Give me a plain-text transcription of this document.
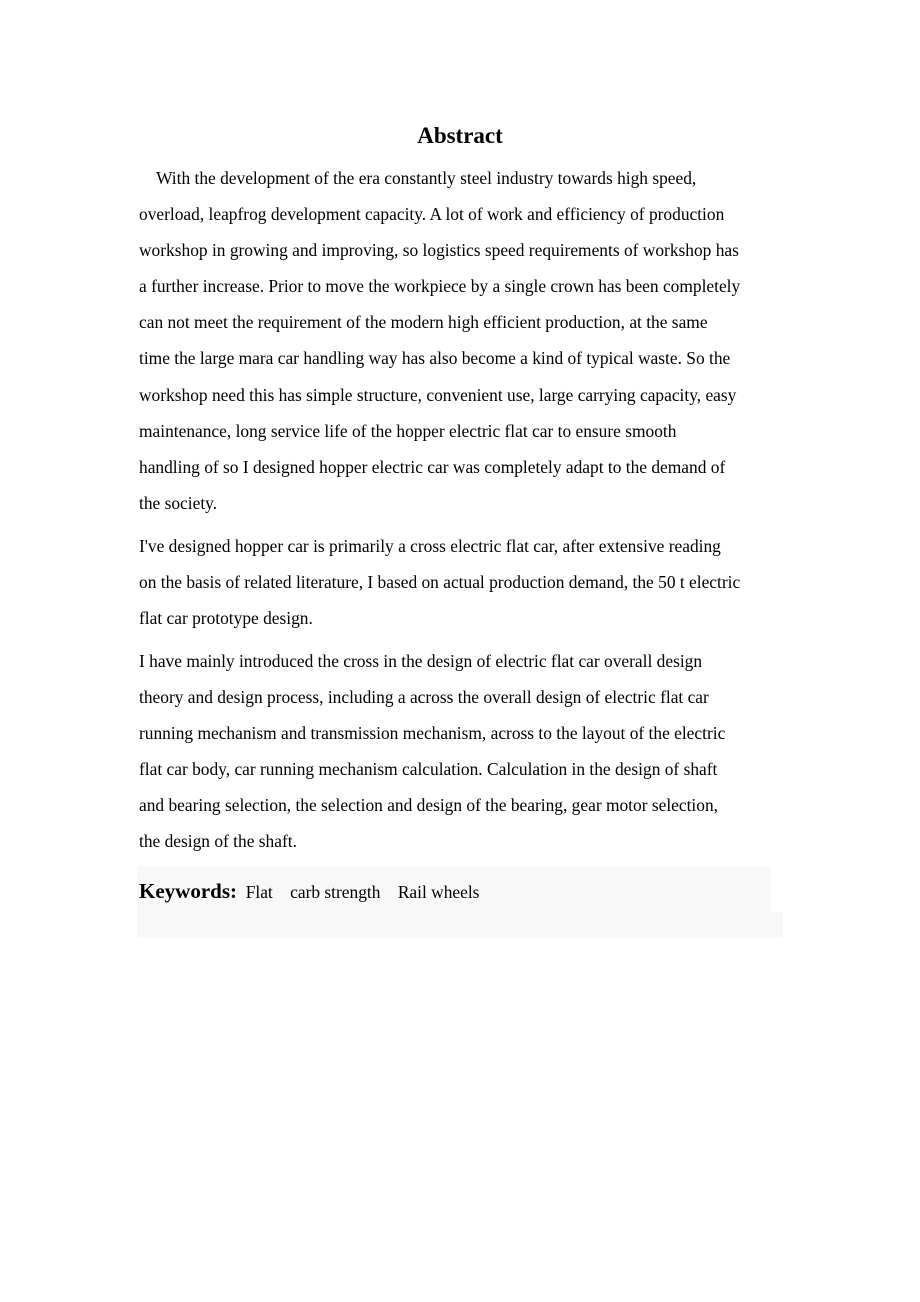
Abstract

With the development of the era constantly steel industry towards high speed,
overload, leapfrog development capacity. A lot of work and efficiency of production
workshop in growing and improving, so logistics speed requirements of workshop has
a further increase. Prior to move the workpiece by a single crown has been completely
can not meet the requirement of the modern high efficient production, at the same
time the large mara car handling way has also become a kind of typical waste. So the
workshop need this has simple structure, convenient use, large carrying capacity, easy
maintenance, long service life of the hopper electric flat car to ensure smooth
handling of so I designed hopper electric car was completely adapt to the demand of
the society.

I've designed hopper car is primarily a cross electric flat car, after extensive reading
on the basis of related literature, I based on actual production demand, the 50 t electric
flat car prototype design.

I have mainly introduced the cross in the design of electric flat car overall design
theory and design process, including a across the overall design of electric flat car
running mechanism and transmission mechanism, across to the layout of the electric
flat car body, car running mechanism calculation. Calculation in the design of shaft
and bearing selection, the selection and design of the bearing, gear motor selection,
the design of the shaft.

Keywords:  Flat    carb strength    Rail wheels
